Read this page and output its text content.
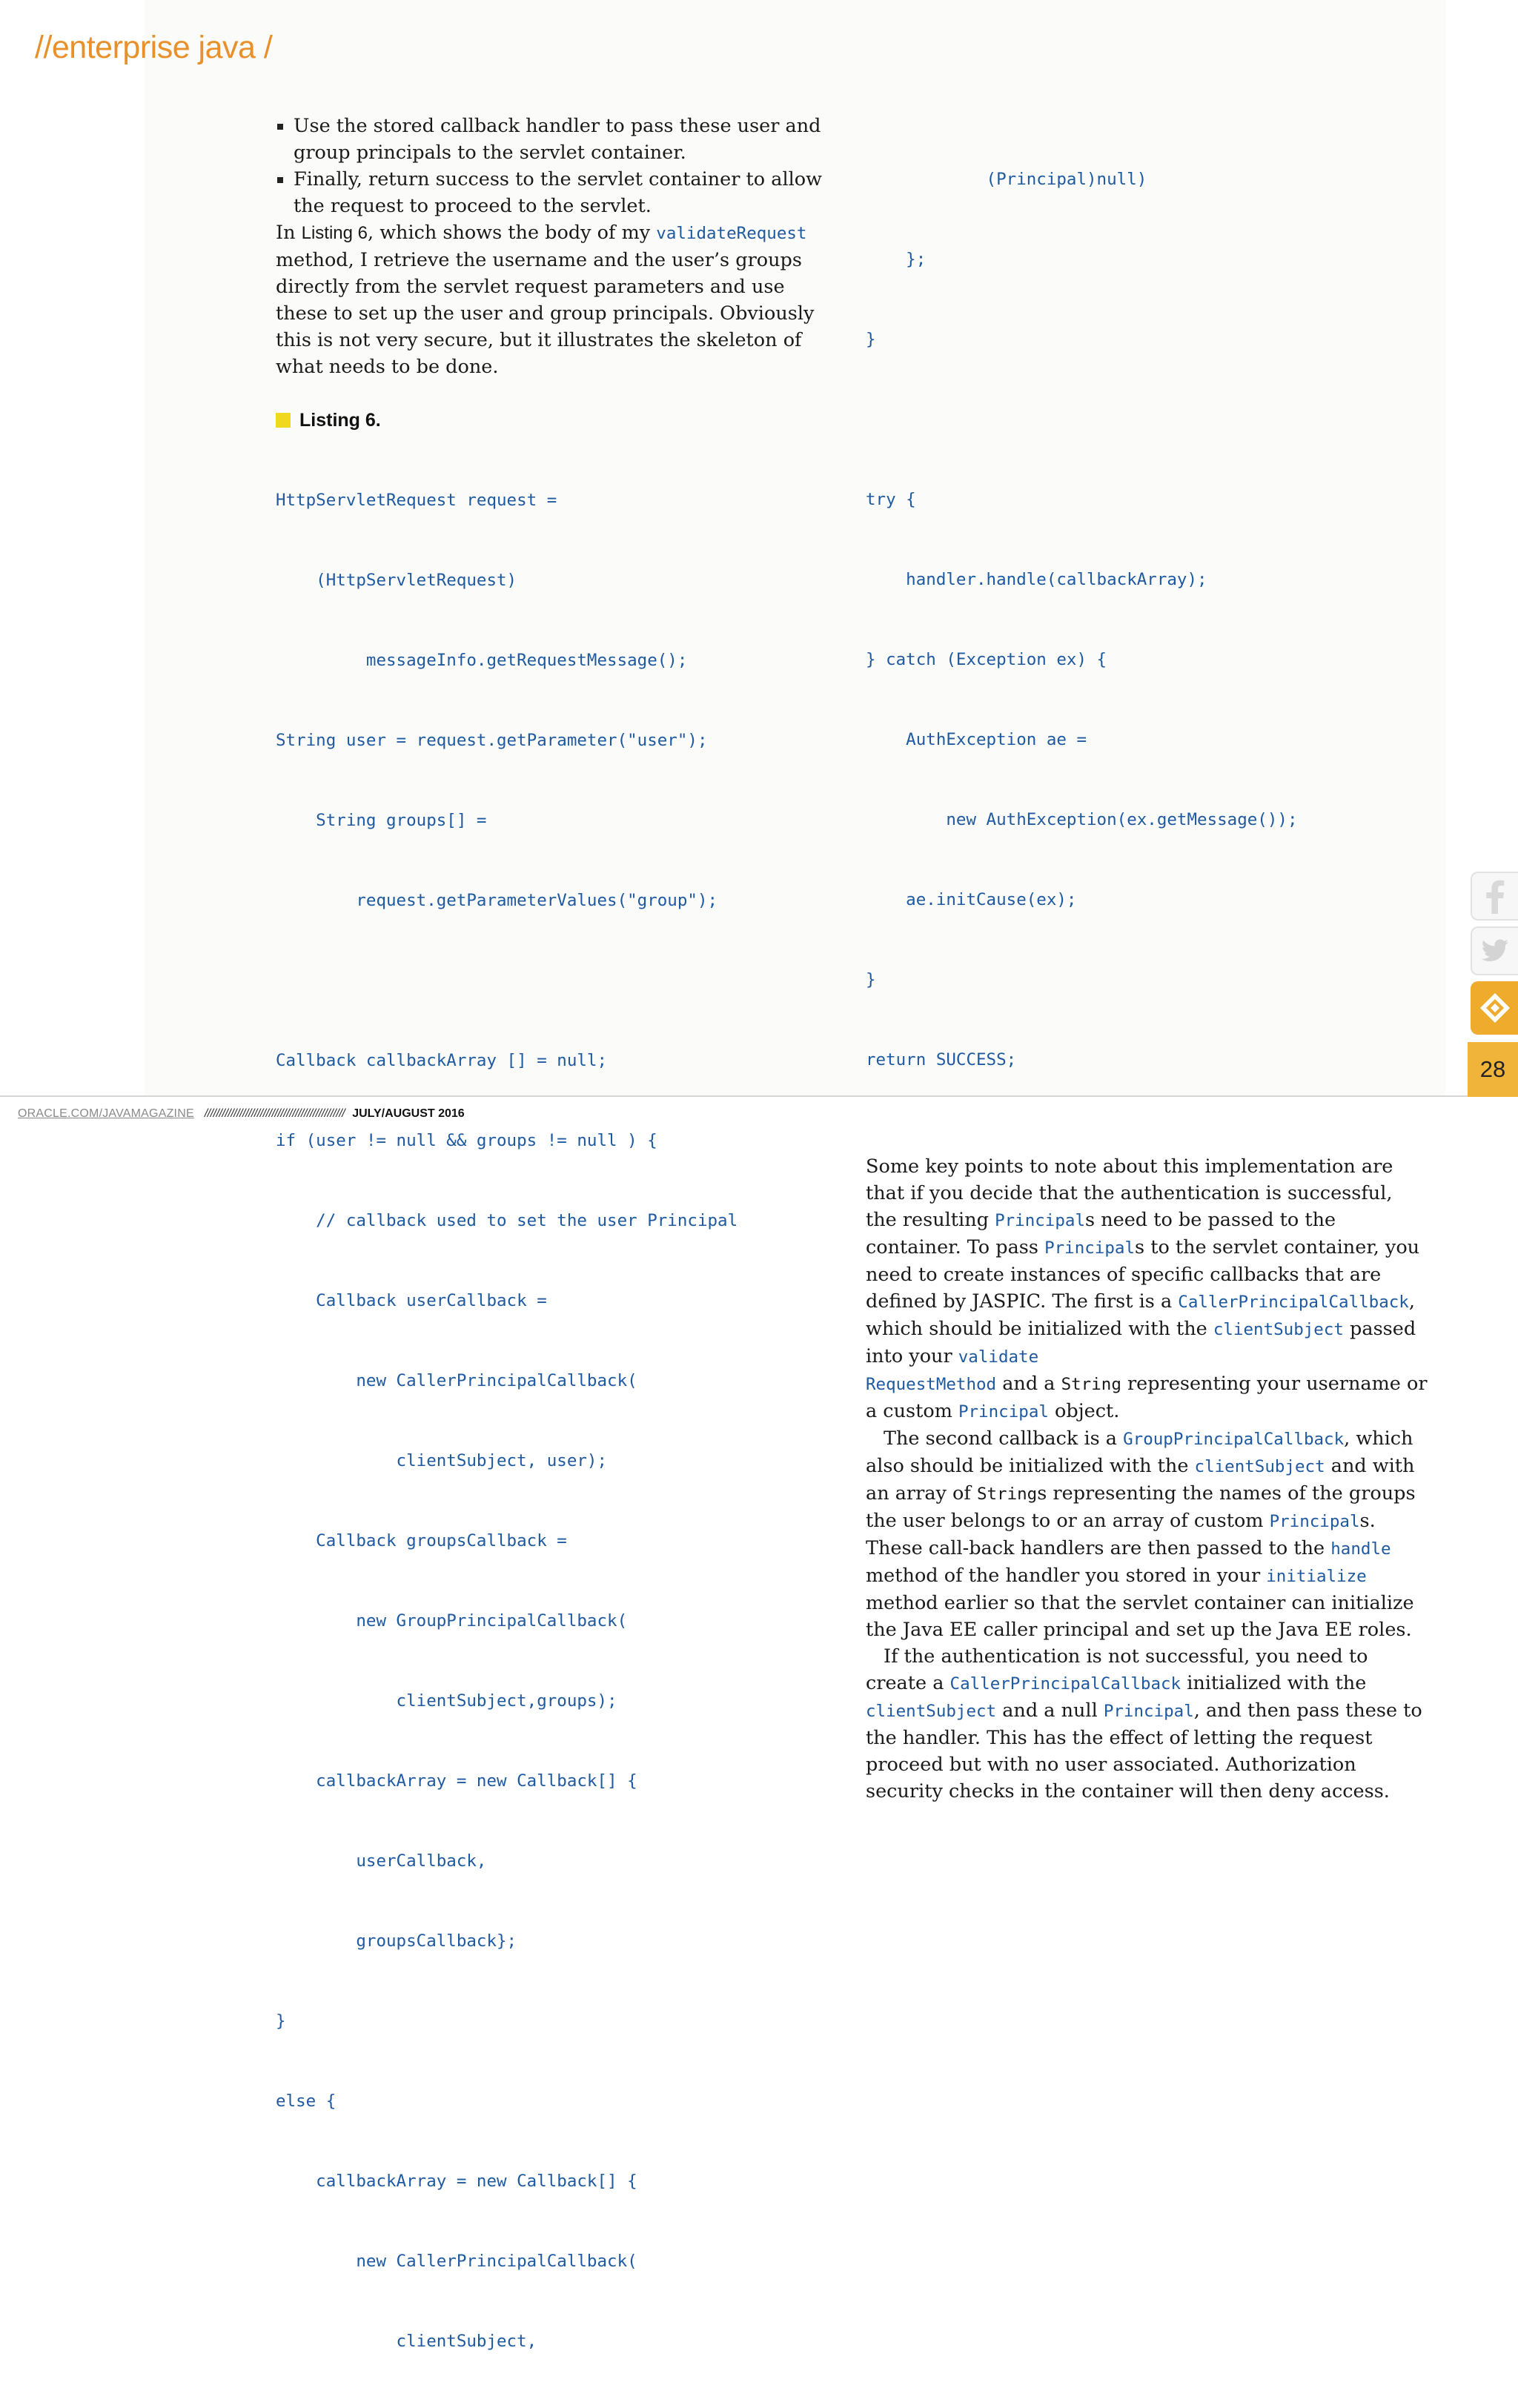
//enterprise java /
Use the stored callback handler to pass these user and group principals to the servlet container.
Finally, return success to the servlet container to allow the request to proceed to the servlet.

In Listing 6, which shows the body of my validateRequest method, I retrieve the username and the user’s groups directly from the servlet request parameters and use these to set up the user and group principals. Obviously this is not very secure, but it illustrates the skeleton of what needs to be done.

Listing 6.

HttpServletRequest request =

(HttpServletRequest)

messageInfo.getRequestMessage();

String user = request.getParameter("user");

String groups[] =

request.getParameterValues("group");

Callback callbackArray [] = null;

if (user != null && groups != null ) {

// callback used to set the user Principal

Callback userCallback =

new CallerPrincipalCallback(

clientSubject, user);

Callback groupsCallback =

new GroupPrincipalCallback(

clientSubject,groups);

callbackArray = new Callback[] {

userCallback,

groupsCallback};

}

else {

callbackArray = new Callback[] {

new CallerPrincipalCallback(

clientSubject,

(Principal)null)

};

}

try {

handler.handle(callbackArray);

} catch (Exception ex) {

AuthException ae =

new AuthException(ex.getMessage());

ae.initCause(ex);

}

return SUCCESS;

Some key points to note about this implementation are that if you decide that the authentication is successful, the resulting Principals need to be passed to the container. To pass Principals to the servlet container, you need to create instances of specific callbacks that are defined by JASPIC. The first is a CallerPrincipalCallback, which should be initialized with the clientSubject passed into your validate
RequestMethod and a String representing your username or a custom Principal object.

The second callback is a GroupPrincipalCallback, which also should be initialized with the clientSubject and with an array of Strings representing the names of the groups the user belongs to or an array of custom Principals. These call-back handlers are then passed to the handle method of the handler you stored in your initialize method earlier so that the servlet container can initialize the Java EE caller principal and set up the Java EE roles.

If the authentication is not successful, you need to create a CallerPrincipalCallback initialized with the clientSubject and a null Principal, and then pass these to the handler. This has the effect of letting the request proceed but with no user associated. Authorization security checks in the container will then deny access.

ORACLE.COM/JAVAMAGAZINE //////////////////////////////////////////////// JULY/AUGUST 2016
28
